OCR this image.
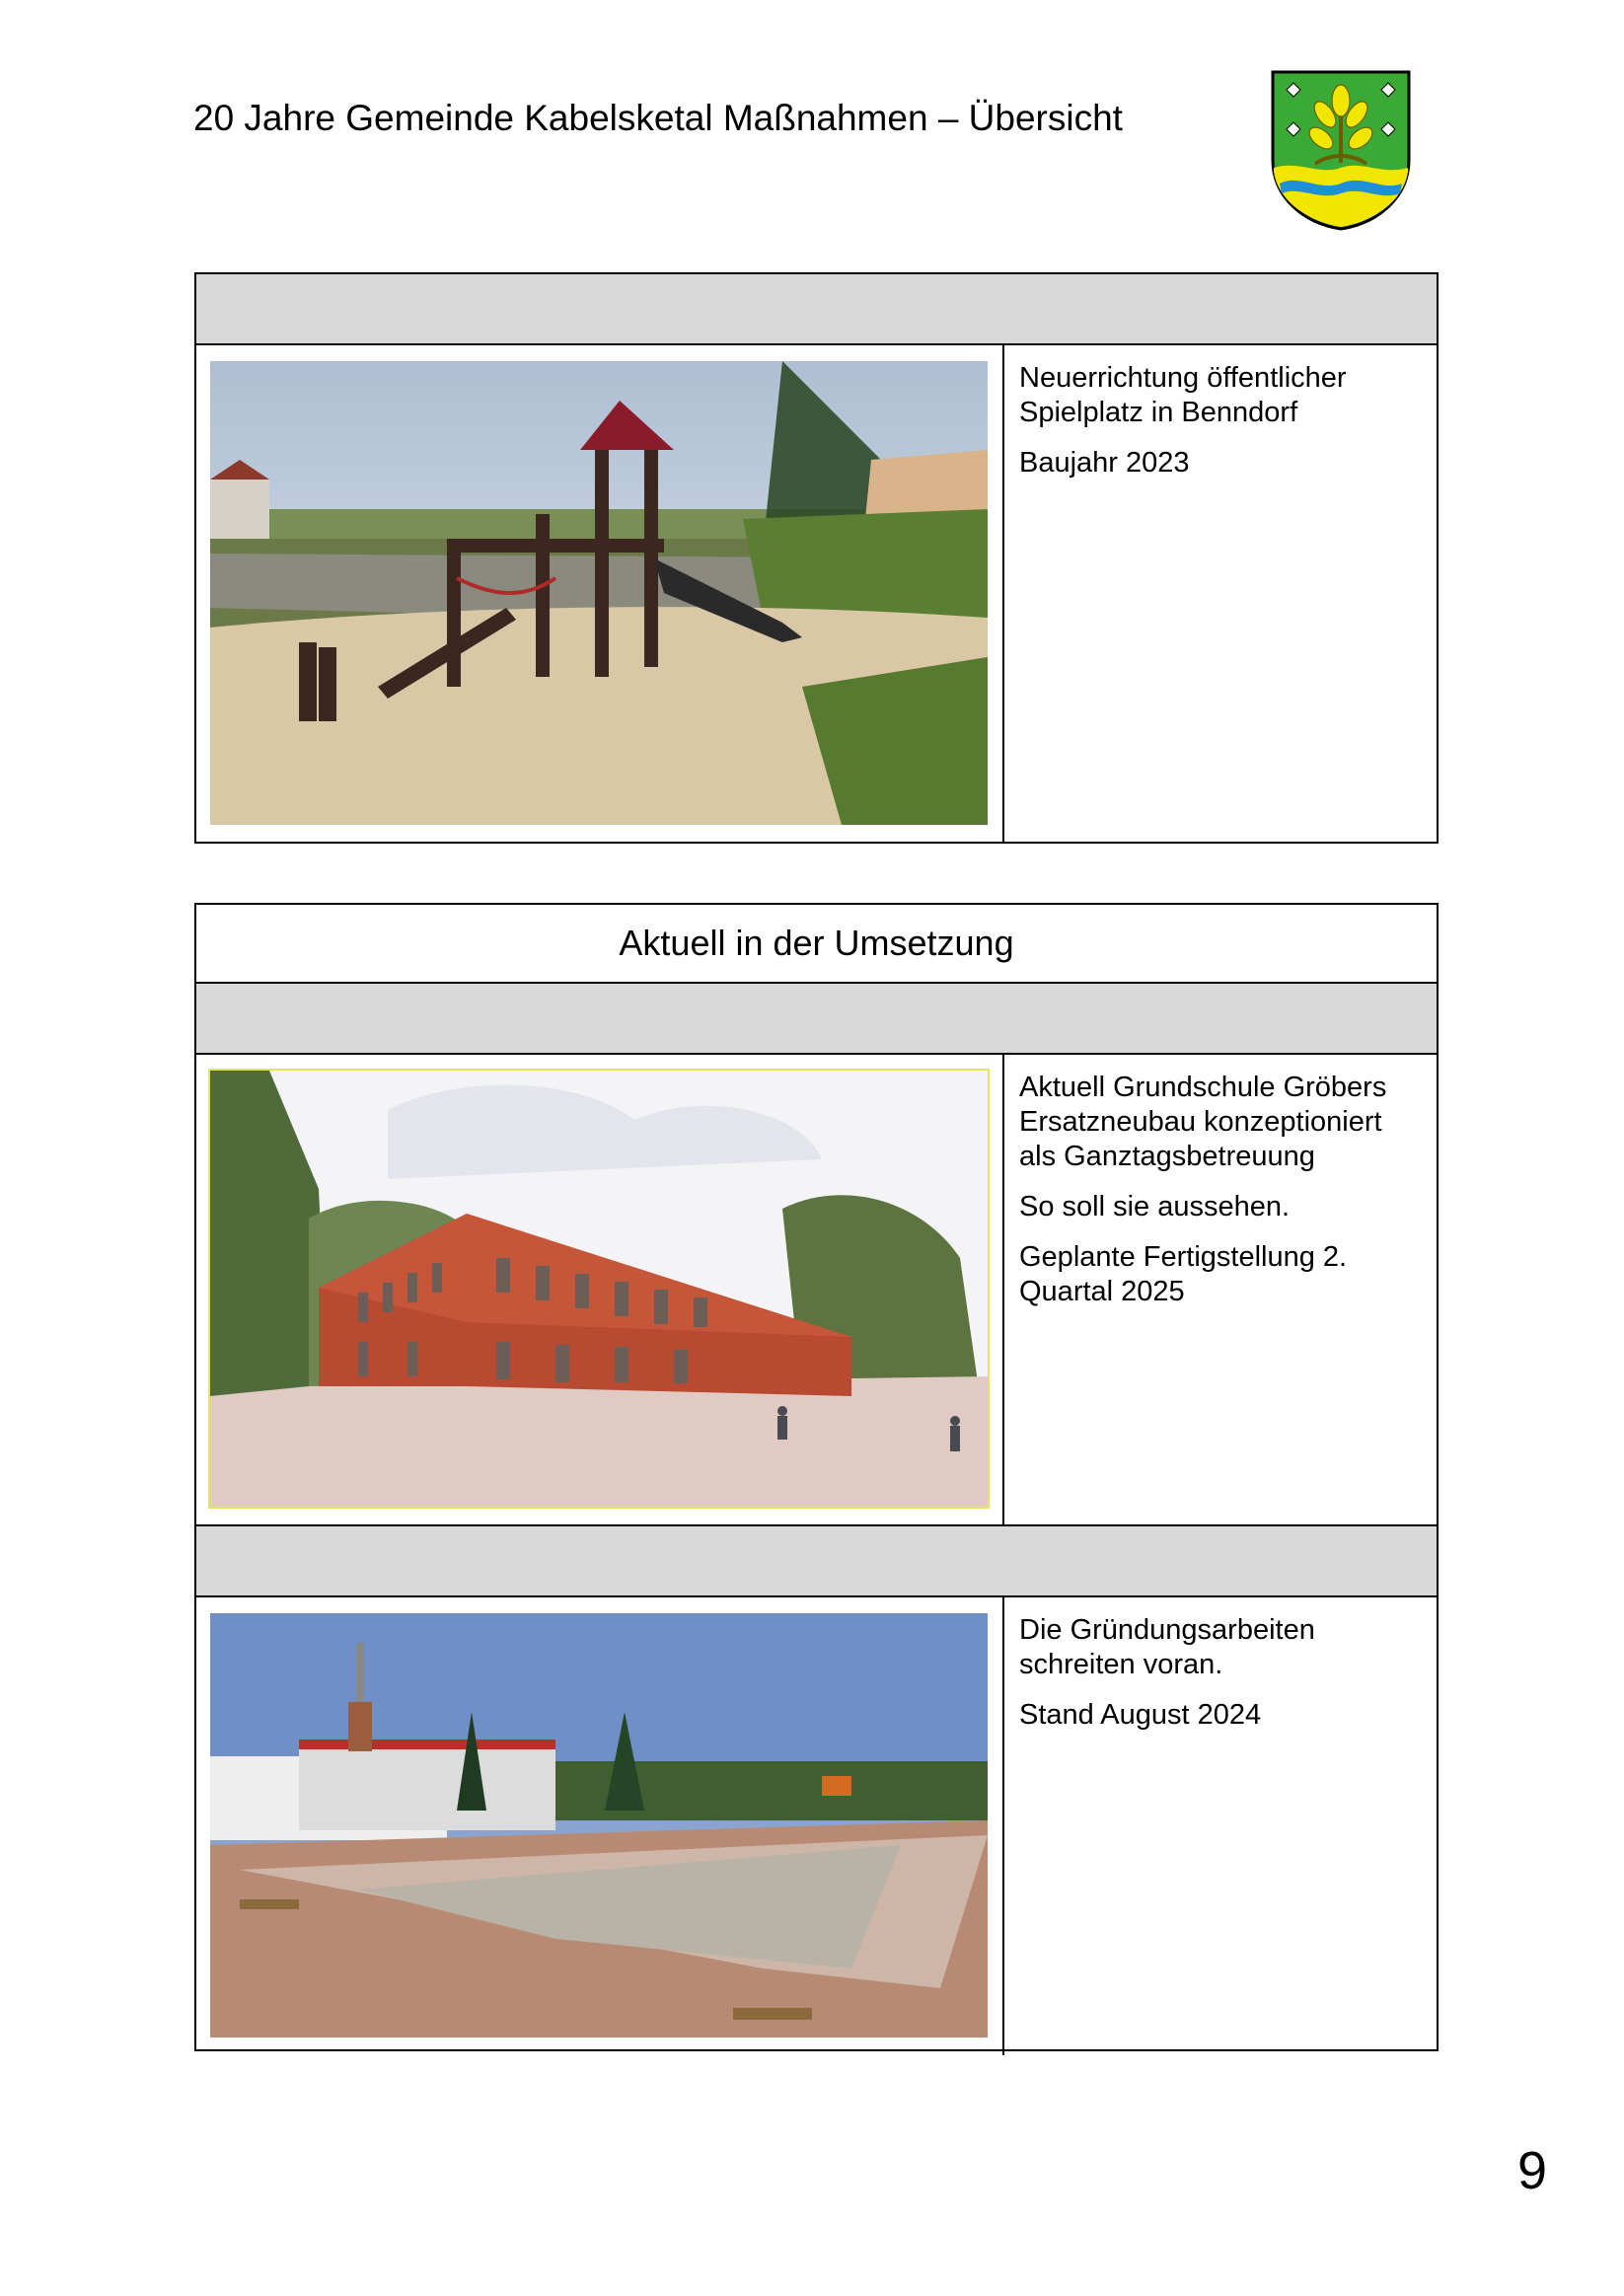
20 Jahre Gemeinde Kabelsketal Maßnahmen – Übersicht

Neuerrichtung öffentlicher Spielplatz in Benndorf

Baujahr 2023

Aktuell in der Umsetzung

Aktuell Grundschule Gröbers Ersatzneubau konzeptioniert als Ganztagsbetreuung

So soll sie aussehen.

Geplante Fertigstellung 2. Quartal 2025

Die Gründungsarbeiten schreiten voran.

Stand August 2024

9
